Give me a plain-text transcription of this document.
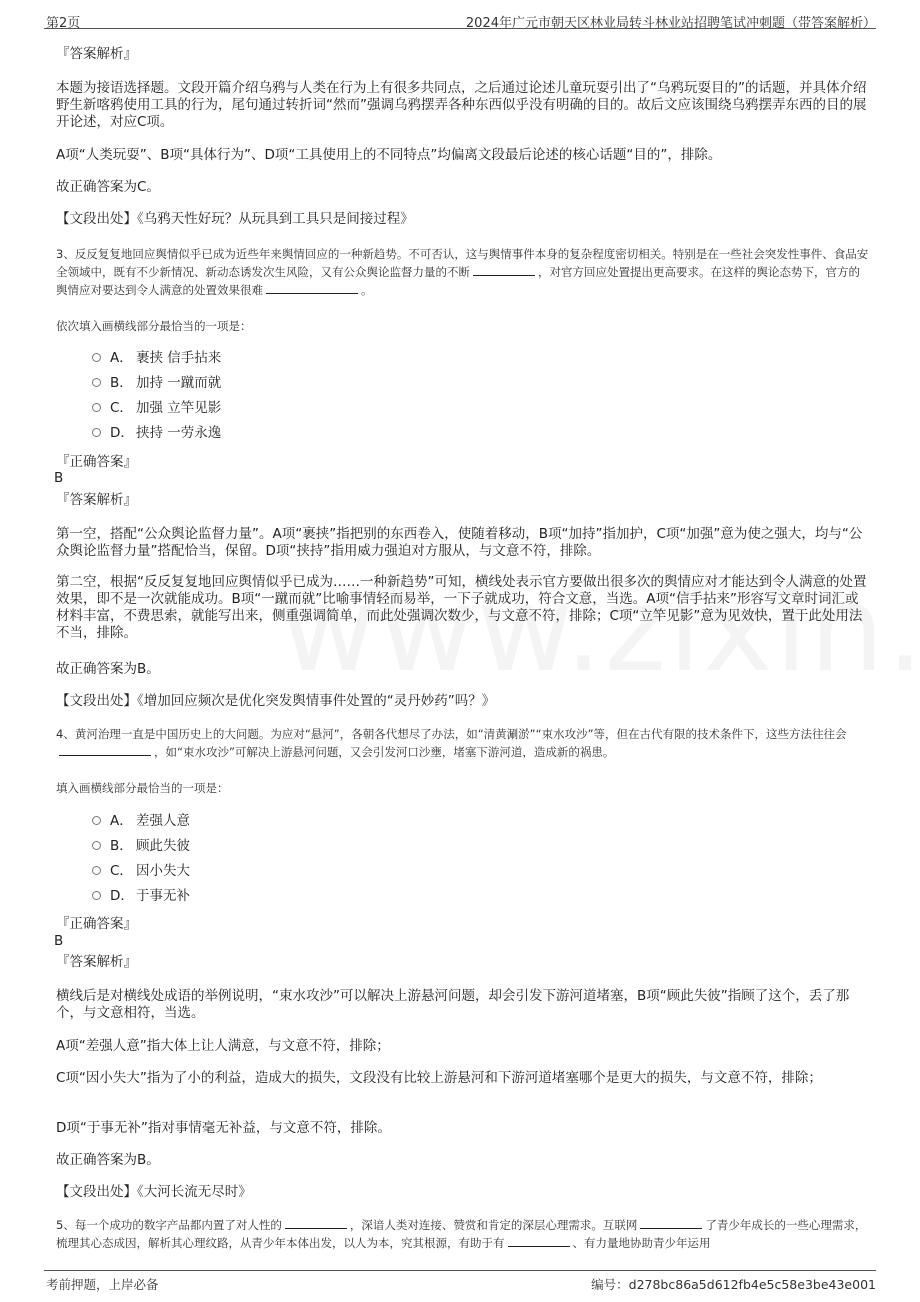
第2页	2024年广元市朝天区林业局转斗林业站招聘笔试冲刺题（带答案解析）
『答案解析』
本题为接语选择题。文段开篇介绍乌鸦与人类在行为上有很多共同点，之后通过论述儿童玩耍引出了“乌鸦玩耍目的”的话题，并具体介绍野生新喀鸦使用工具的行为，尾句通过转折词“然而”强调乌鸦摆弄各种东西似乎没有明确的目的。故后文应该围绕乌鸦摆弄东西的目的展开论述，对应C项。
A项“人类玩耍”、B项“具体行为”、D项“工具使用上的不同特点”均偏离文段最后论述的核心话题“目的”，排除。
故正确答案为C。
【文段出处】《乌鸦天性好玩？从玩具到工具只是间接过程》
3、反反复复地回应舆情似乎已成为近些年来舆情回应的一种新趋势。不可否认，这与舆情事件本身的复杂程度密切相关。特别是在一些社会突发性事件、食品安全领域中，既有不少新情况、新动态诱发次生风险，又有公众舆论监督力量的不断	，对官方回应处置提出更高要求。在这样的舆论态势下，官方的舆情应对要达到令人满意的处置效果很难	。
依次填入画横线部分最恰当的一项是：
A． 裹挟 信手拈来
B． 加持 一蹴而就
C． 加强 立竿见影
D． 挟持 一劳永逸
『正确答案』
B
『答案解析』
第一空，搭配“公众舆论监督力量”。A项“裹挟”指把别的东西卷入，使随着移动，B项“加持”指加护，C项“加强”意为使之强大，均与“公众舆论监督力量”搭配恰当，保留。D项“挟持”指用威力强迫对方服从，与文意不符，排除。
第二空，根据“反反复复地回应舆情似乎已成为……一种新趋势”可知，横线处表示官方要做出很多次的舆情应对才能达到令人满意的处置效果，即不是一次就能成功。B项“一蹴而就”比喻事情轻而易举，一下子就成功，符合文意，当选。A项“信手拈来”形容写文章时词汇或材料丰富，不费思索，就能写出来，侧重强调简单，而此处强调次数少，与文意不符，排除；C项“立竿见影”意为见效快，置于此处用法不当，排除。
故正确答案为B。
【文段出处】《增加回应频次是优化突发舆情事件处置的“灵丹妙药”吗？》
4、黄河治理一直是中国历史上的大问题。为应对“悬河”，各朝各代想尽了办法，如“清黄涮淤”“束水攻沙”等，但在古代有限的技术条件下，这些方法往往会，如“束水攻沙”可解决上游悬河问题，又会引发河口沙壅，堵塞下游河道，造成新的祸患。
填入画横线部分最恰当的一项是：
A． 差强人意
B． 顾此失彼
C． 因小失大
D． 于事无补
『正确答案』
B
『答案解析』
横线后是对横线处成语的举例说明，“束水攻沙”可以解决上游悬河问题，却会引发下游河道堵塞，B项“顾此失彼”指顾了这个，丢了那个，与文意相符，当选。
A项“差强人意”指大体上让人满意，与文意不符，排除；
C项“因小失大”指为了小的利益，造成大的损失，文段没有比较上游悬河和下游河道堵塞哪个是更大的损失，与文意不符，排除；
D项“于事无补”指对事情毫无补益，与文意不符，排除。
故正确答案为B。
【文段出处】《大河长流无尽时》
5、每一个成功的数字产品都内置了对人性的	，深谙人类对连接、赞赏和肯定的深层心理需求。互联网	了青少年成长的一些心理需求，梳理其心态成因，解析其心理纹路，从青少年本体出发，以人为本，究其根源，有助于有	、有力量地协助青少年运用
考前押题，上岸必备	编号：d278bc86a5d612fb4e5c58e3be43e001
